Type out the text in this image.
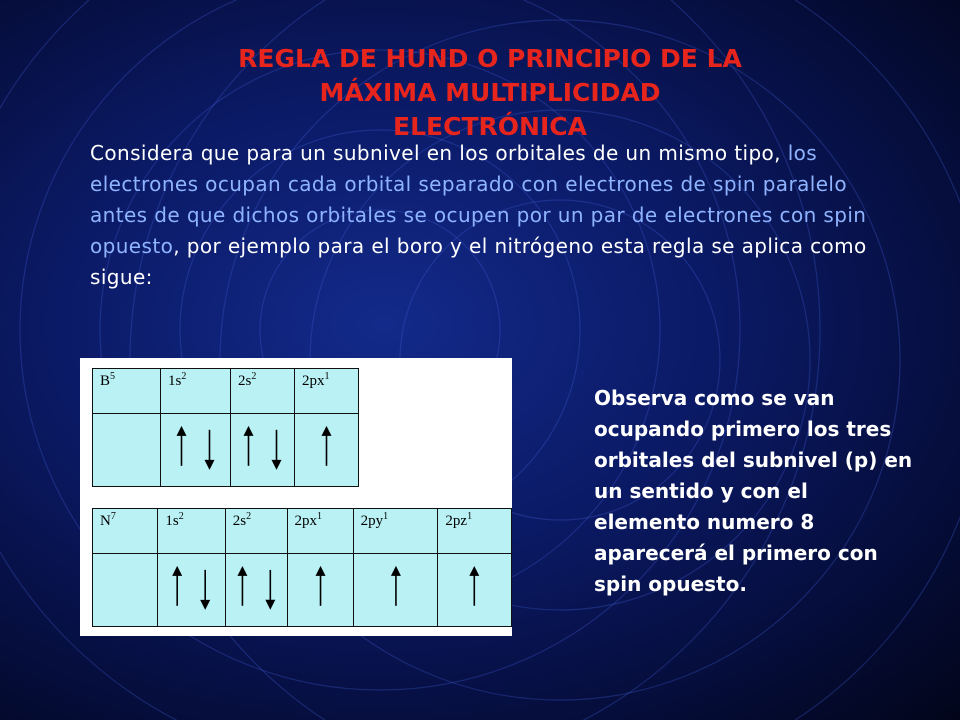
REGLA DE HUND O PRINCIPIO DE LA
MÁXIMA MULTIPLICIDAD
ELECTRÓNICA
Considera que para un subnivel en los orbitales de un mismo tipo, los electrones ocupan cada orbital separado con electrones de spin paralelo antes de que dichos orbitales se ocupen por un par de electrones con spin opuesto, por ejemplo para el boro y el nitrógeno esta regla se aplica como sigue:
$B^5$	$1s^2$	$2s^2$	$2px^1$

$N^7$	$1s^2$	$2s^2$	$2px^1$	$2py^1$	$2pz^1$

Observa como se van ocupando primero los tres orbitales del subnivel (p) en un sentido y con el elemento numero 8 aparecerá el primero con spin opuesto.
